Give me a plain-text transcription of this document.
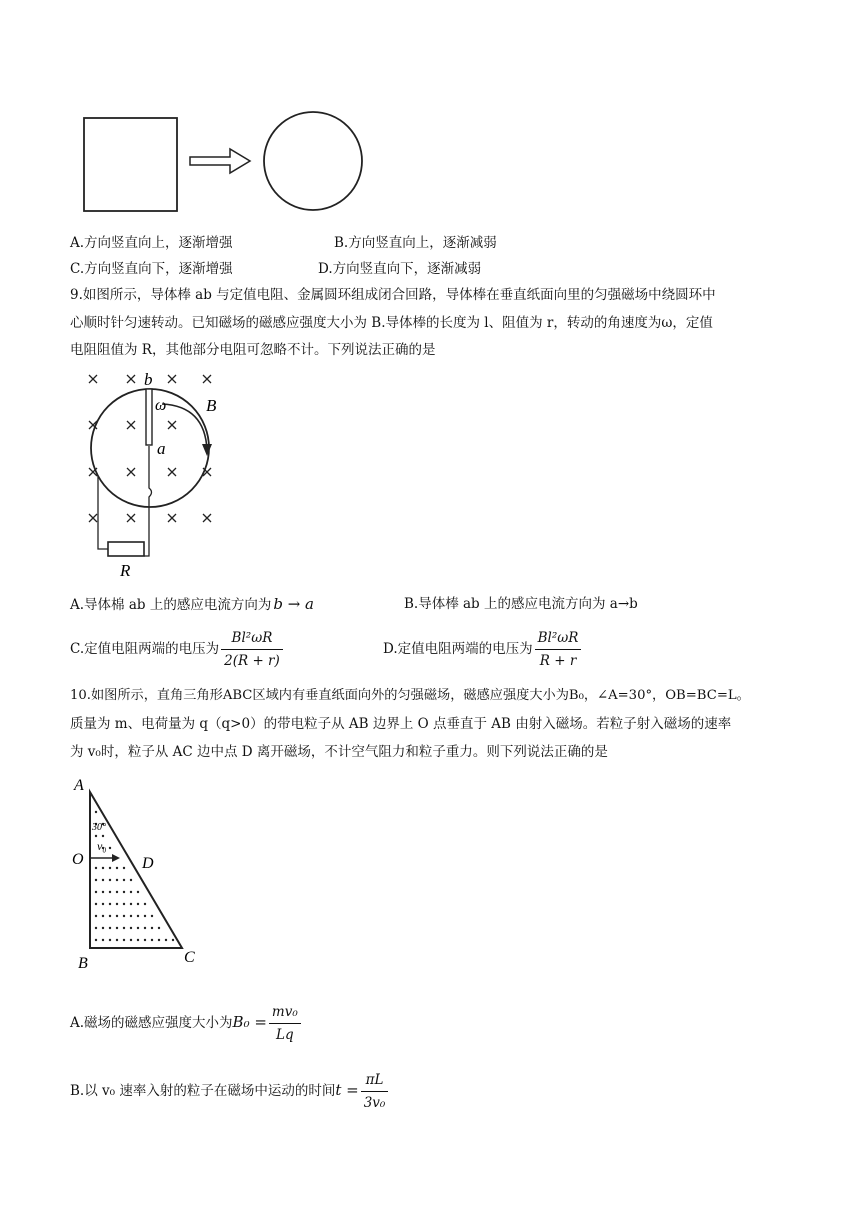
A.方向竖直向上，逐渐增强	B.方向竖直向上，逐渐减弱
C.方向竖直向下，逐渐增强	D.方向竖直向下，逐渐减弱
9.如图所示，导体棒 ab 与定值电阻、金属圆环组成闭合回路，导体棒在垂直纸面向里的匀强磁场中绕圆环中
心顺时针匀速转动。已知磁场的磁感应强度大小为 B.导体棒的长度为 l、阻值为 r，转动的角速度为ω，定值
电阻阻值为 R，其他部分电阻可忽略不计。下列说法正确的是
b
ω
a
B
R
A.导体棉 ab 上的感应电流方向为 b → a	B.导体棒 ab 上的感应电流方向为 a→b
C.定值电阻两端的电压为 $\frac{\text{Bl²ωR}}{2(R + r)}$	D.定值电阻两端的电压为 $\frac{\text{Bl²ωR}}{R + r}$
10.如图所示，直角三角形ABC区域内有垂直纸面向外的匀强磁场，磁感应强度大小为B₀，∠A=30°，OB=BC=L。
质量为 m、电荷量为 q（q>0）的带电粒子从 AB 边界上 O 点垂直于 AB 由射入磁场。若粒子射入磁场的速率
为 v₀时，粒子从 AC 边中点 D 离开磁场，不计空气阻力和粒子重力。则下列说法正确的是
A
30°
v₀
O	D
B	C
A.磁场的磁感应强度大小为$B_0 = \frac{\text{mv₀}}{Lq}$
B.以 v₀ 速率入射的粒子在磁场中运动的时间$t = \frac{\pi L}{\text{3v₀}}$
